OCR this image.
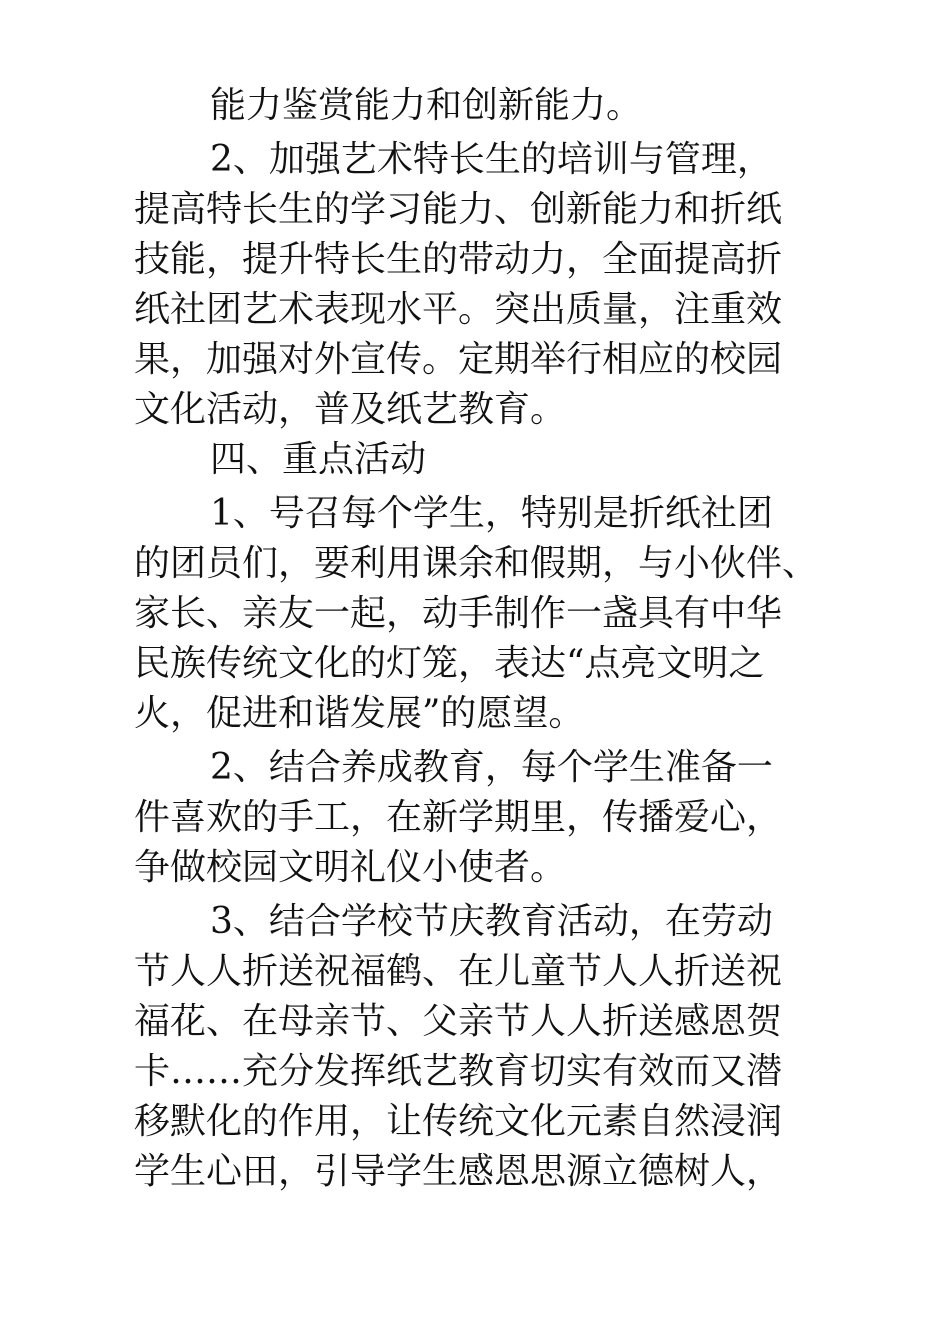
能力鉴赏能力和创新能力。
2、加强艺术特长生的培训与管理，
提高特长生的学习能力、创新能力和折纸
技能，提升特长生的带动力，全面提高折
纸社团艺术表现水平。突出质量，注重效
果，加强对外宣传。定期举行相应的校园
文化活动，普及纸艺教育。
四、重点活动
1、号召每个学生，特别是折纸社团
的团员们，要利用课余和假期，与小伙伴、
家长、亲友一起，动手制作一盏具有中华
民族传统文化的灯笼，表达“点亮文明之
火，促进和谐发展”的愿望。
2、结合养成教育，每个学生准备一
件喜欢的手工，在新学期里，传播爱心，
争做校园文明礼仪小使者。
3、结合学校节庆教育活动，在劳动
节人人折送祝福鹤、在儿童节人人折送祝
福花、在母亲节、父亲节人人折送感恩贺
卡……充分发挥纸艺教育切实有效而又潜
移默化的作用，让传统文化元素自然浸润
学生心田，引导学生感恩思源立德树人，
